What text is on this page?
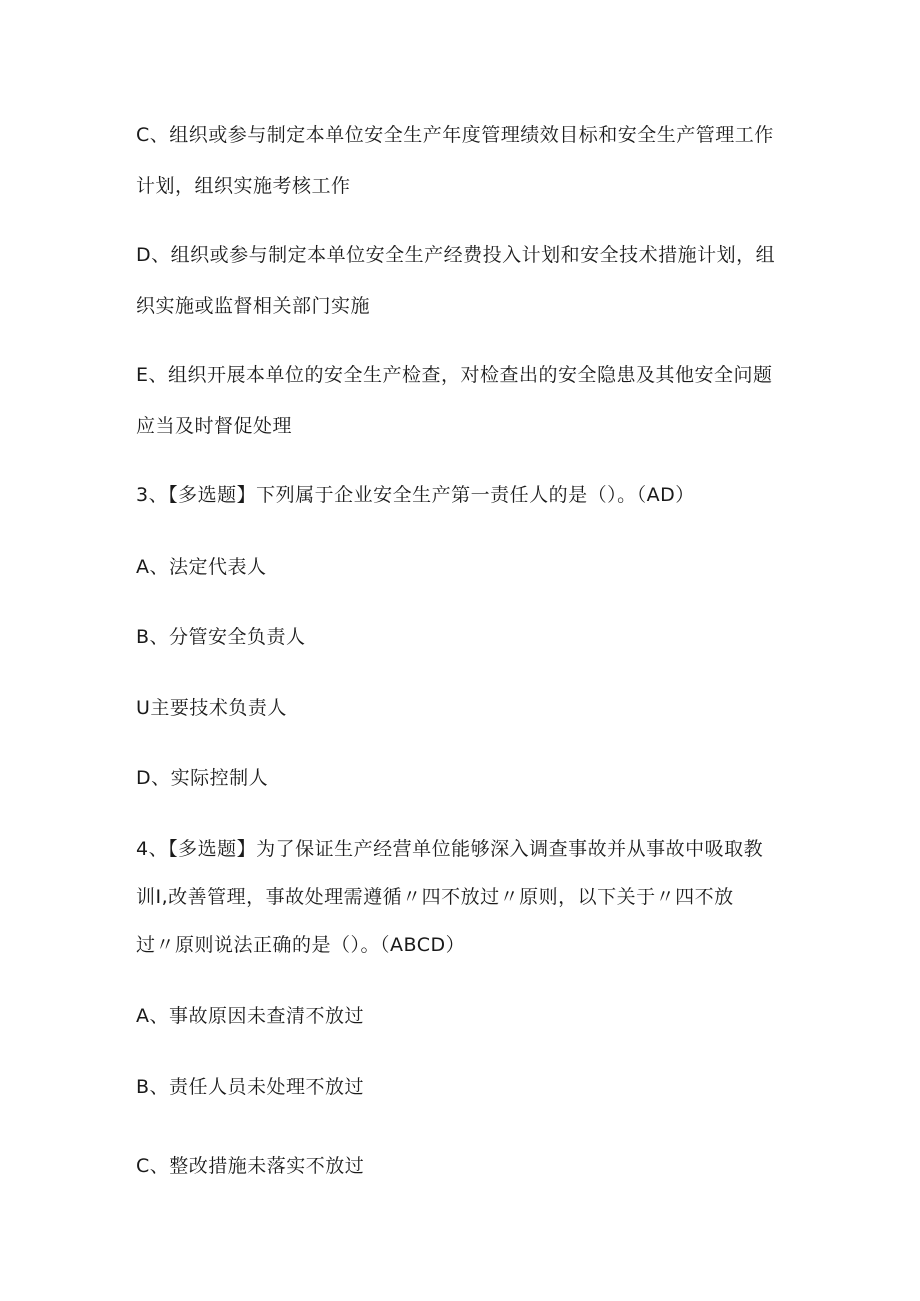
C、组织或参与制定本单位安全生产年度管理绩效目标和安全生产管理工作
计划，组织实施考核工作
D、组织或参与制定本单位安全生产经费投入计划和安全技术措施计划，组
织实施或监督相关部门实施
E、组织开展本单位的安全生产检查，对检查出的安全隐患及其他安全问题
应当及时督促处理
3、【多选题】下列属于企业安全生产第一责任人的是（）。（AD）
A、法定代表人
B、分管安全负责人
U主要技术负责人
D、实际控制人
4、【多选题】为了保证生产经营单位能够深入调查事故并从事故中吸取教
训Ⅰ,改善管理，事故处理需遵循〃四不放过〃原则，以下关于〃四不放
过〃原则说法正确的是（）。（ABCD）
A、事故原因未查清不放过
B、责任人员未处理不放过
C、整改措施未落实不放过
